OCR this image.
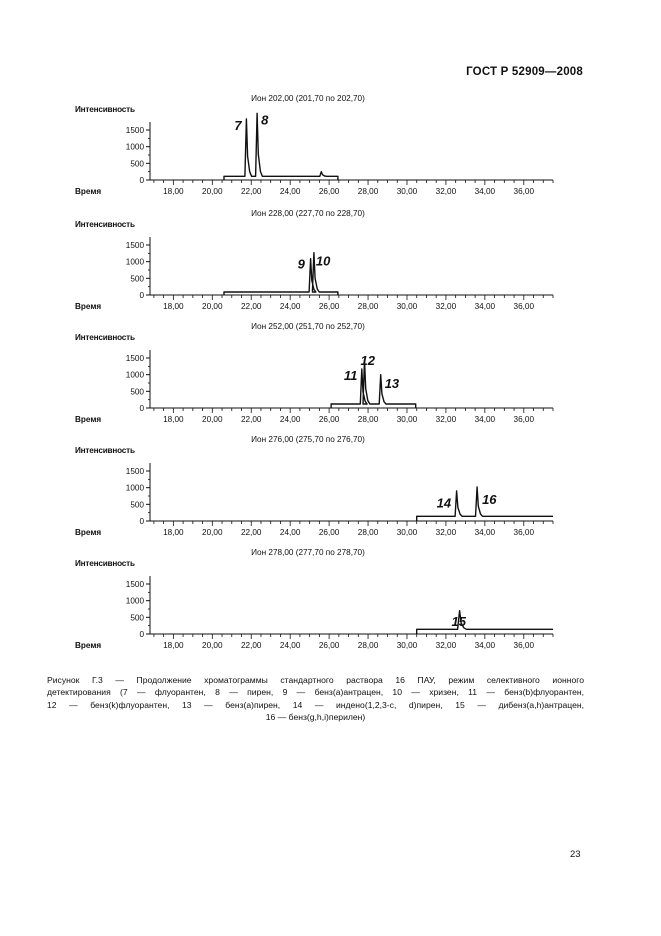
ГОСТ Р 52909—2008
Ион 202,00 (201,70 по 202,70)
Интенсивность
Время
0
500
1000
1500
18,00 20,00 22,00 24,00 26,00 28,00 30,00 32,00 34,00 36,00
7 8
Ион 228,00 (227,70 по 228,70)
Интенсивность
Время
0
500
1000
1500
18,00 20,00 22,00 24,00 26,00 28,00 30,00 32,00 34,00 36,00
9 10
Ион 252,00 (251,70 по 252,70)
Интенсивность
Время
0
500
1000
1500
18,00 20,00 22,00 24,00 26,00 28,00 30,00 32,00 34,00 36,00
11
12
13
Ион 276,00 (275,70 по 276,70)
Интенсивность
Время
0
500
1000
1500
18,00 20,00 22,00 24,00 26,00 28,00 30,00 32,00 34,00 36,00
14 16
Ион 278,00 (277,70 по 278,70)
Интенсивность
Время
0
500
1000
1500
18,00 20,00 22,00 24,00 26,00 28,00 30,00 32,00 34,00 36,00
15
Рисунок Г.3 — Продолжение хроматограммы стандартного раствора 16 ПАУ, режим селективного ионного
детектирования (7 — флуорантен, 8 — пирен, 9 — бенз(а)антрацен, 10 — хризен, 11 — бенз(b)флуорантен,
12 — бенз(k)флуорантен, 13 — бенз(а)пирен, 14 — индено(1,2,3-с, d)пирен, 15 — дибенз(а,h)антрацен,
16 — бенз(g,h,i)перилен)
23
